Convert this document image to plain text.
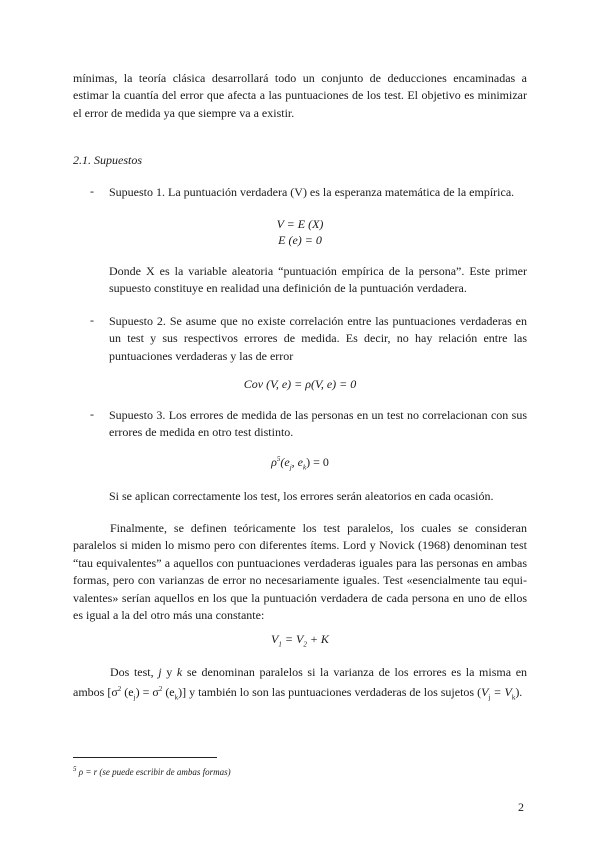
mínimas, la teoría clásica desarrollará todo un conjunto de deducciones encaminadas a estimar la cuantía del error que afecta a las puntuaciones de los test. El objetivo es minimizar el error de medida ya que siempre va a existir.
2.1. Supuestos
- Supuesto 1. La puntuación verdadera (V) es la esperanza matemática de la empírica.
V = E (X)
E (e) = 0
Donde X es la variable aleatoria “puntuación empírica de la persona”. Este primer supuesto constituye en realidad una definición de la puntuación verdadera.
- Supuesto 2. Se asume que no existe correlación entre las puntuaciones verdaderas en un test y sus respectivos errores de medida. Es decir, no hay relación entre las puntuaciones verdaderas y las de error
Cov (V, e) = ρ(V, e) = 0
- Supuesto 3. Los errores de medida de las personas en un test no correlacionan con sus errores de medida en otro test distinto.
$\rho^5(e_j$, $e_k) = 0$
Si se aplican correctamente los test, los errores serán aleatorios en cada ocasión.
Finalmente, se definen teóricamente los test paralelos, los cuales se consideran paralelos si miden lo mismo pero con diferentes ítems. Lord y Novick (1968) denominan test “tau equivalentes” a aquellos con puntuaciones verdaderas iguales para las personas en ambas formas, pero con varianzas de error no necesariamente iguales. Test «esencialmente tau equi-valentes» serían aquellos en los que la puntuación verdadera de cada persona en uno de ellos es igual a la del otro más una constante:
$V_1 = V_2 + K$
Dos test, j y k se denominan paralelos si la varianza de los errores es la misma en ambos [$\sigma^2$ $(e_j) = \sigma^2$ $(e_k)$] y también lo son las puntuaciones verdaderas de los sujetos $(V_j = V_k)$.
$^5$ ρ = r (se puede escribir de ambas formas)
2
